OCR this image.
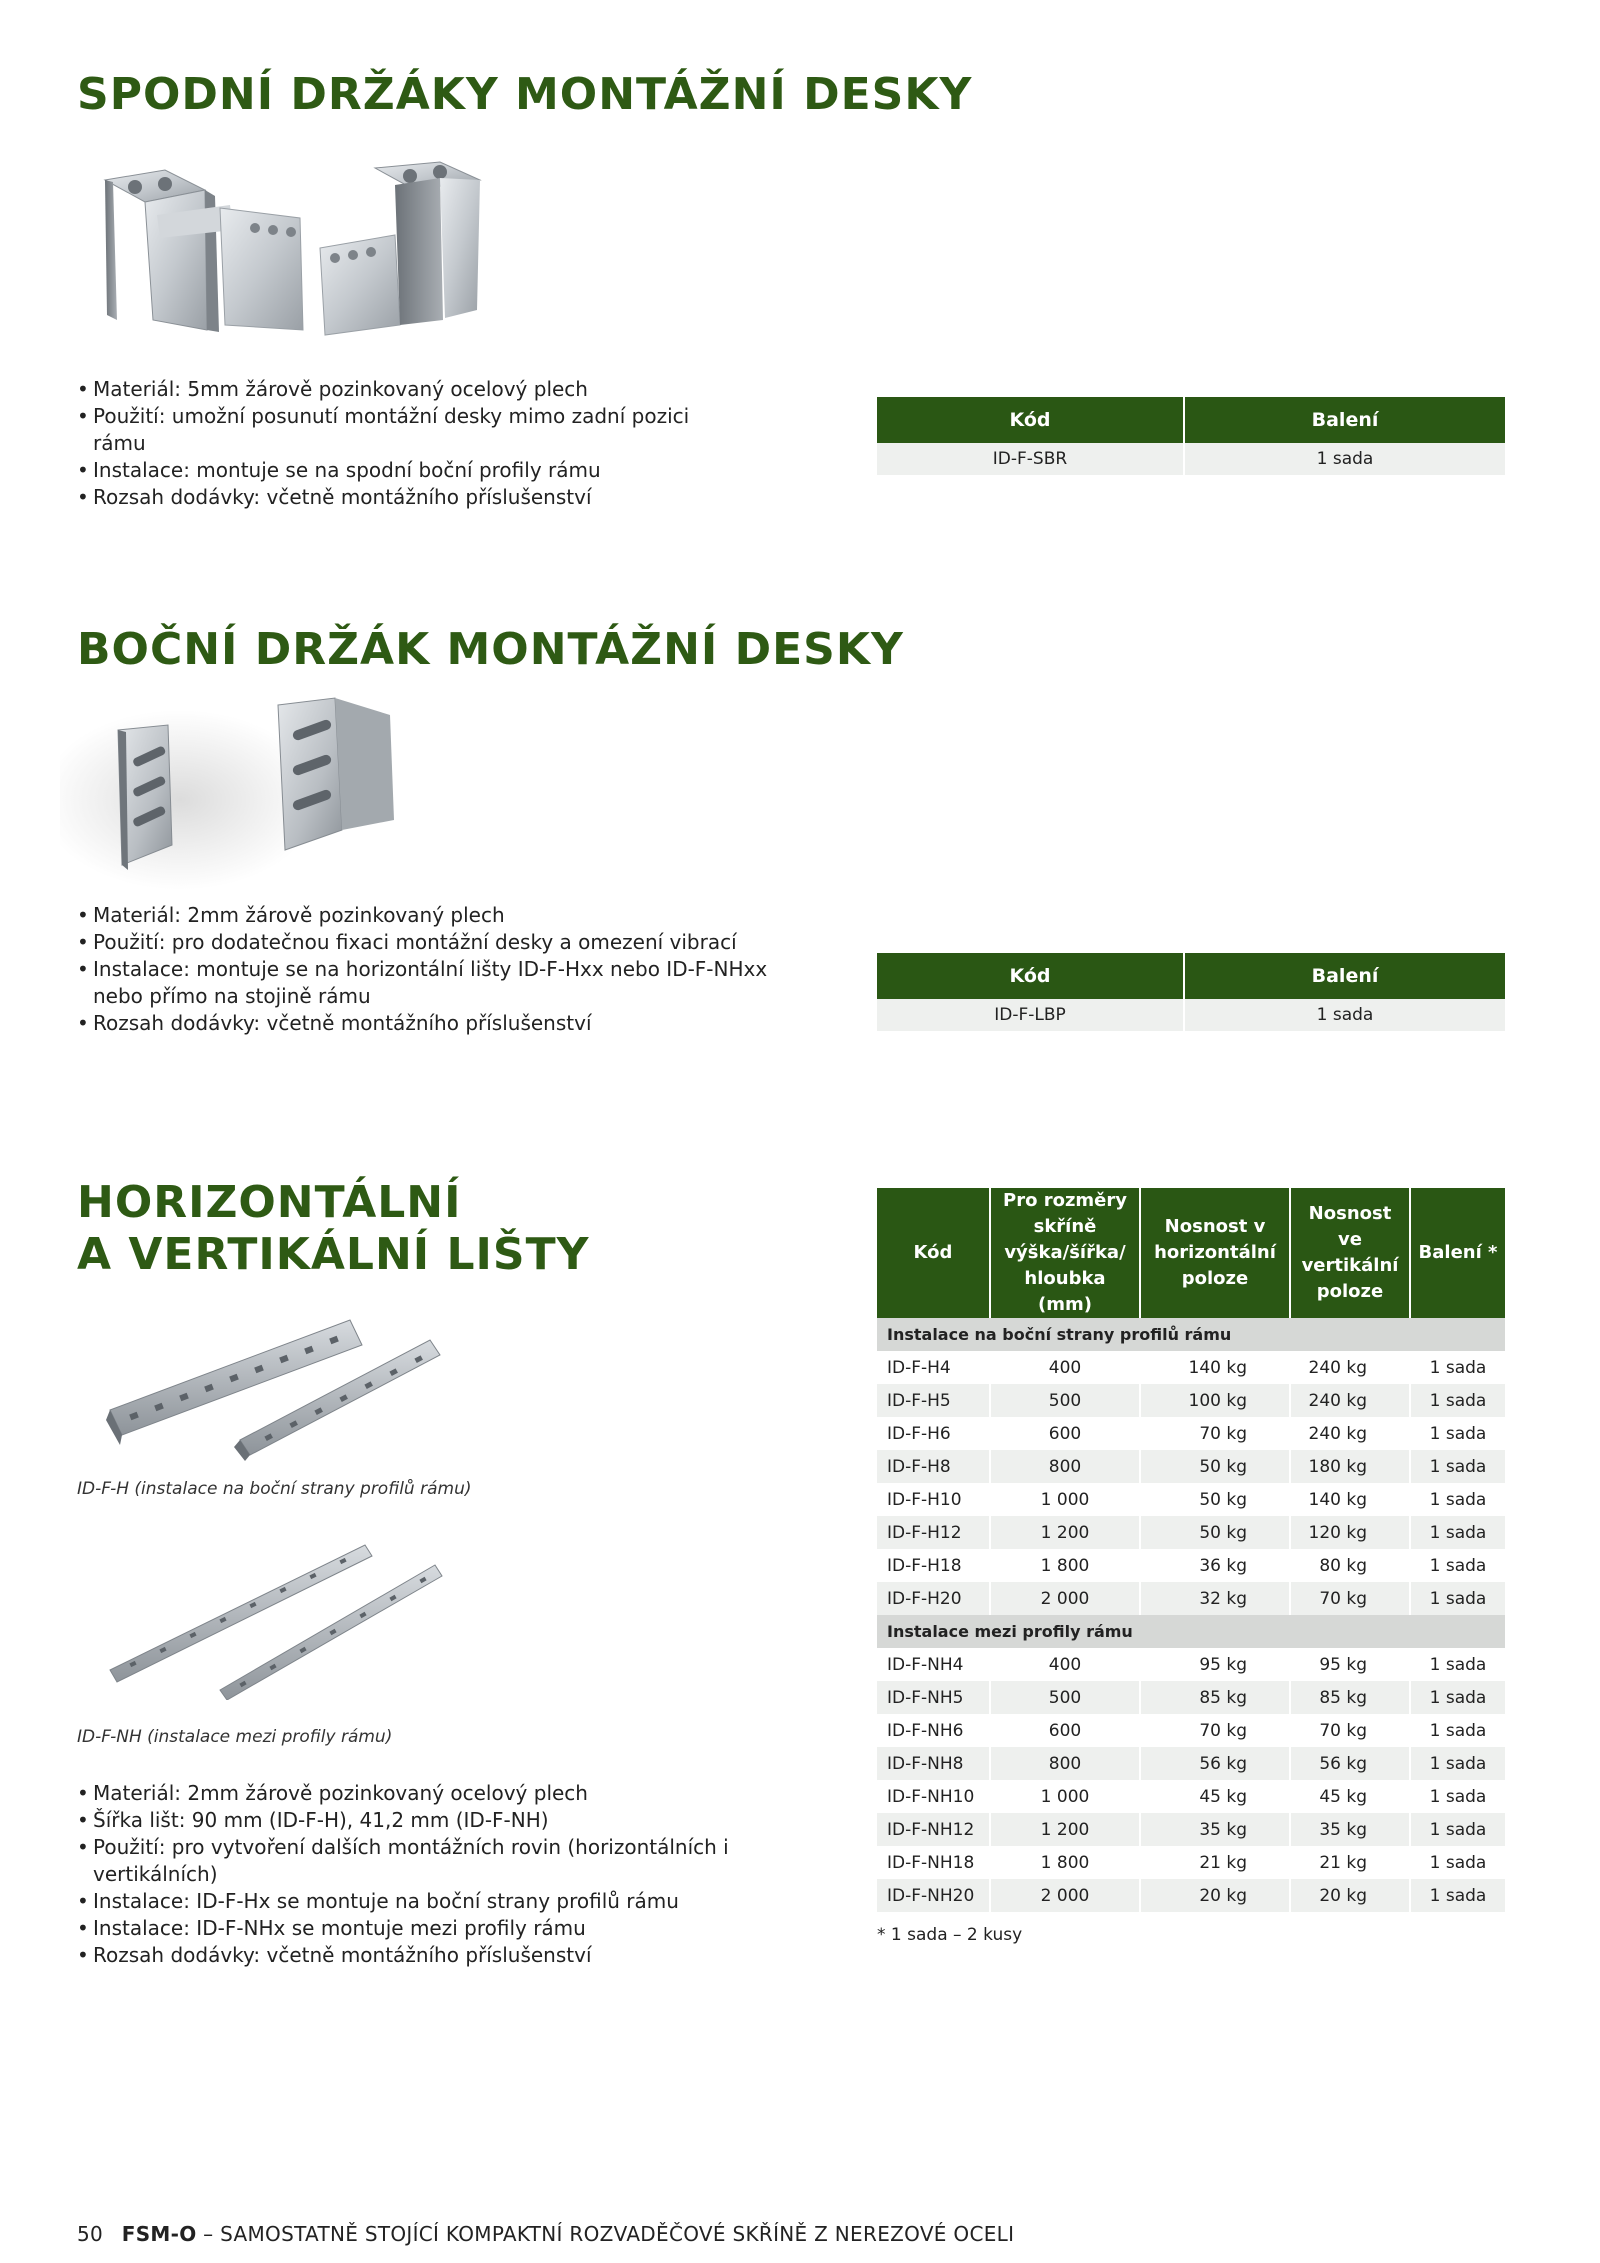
SPODNÍ DRŽÁKY MONTÁŽNÍ DESKY
• Materiál: 5mm žárově pozinkovaný ocelový plech
• Použití: umožní posunutí montážní desky mimo zadní pozici rámu
• Instalace: montuje se na spodní boční profily rámu
• Rozsah dodávky: včetně montážního příslušenství
Kód	Balení
ID-F-SBR	1 sada
BOČNÍ DRŽÁK MONTÁŽNÍ DESKY
• Materiál: 2mm žárově pozinkovaný plech
• Použití: pro dodatečnou fixaci montážní desky a omezení vibrací
• Instalace: montuje se na horizontální lišty ID-F-Hxx nebo ID-F-NHxx nebo přímo na stojině rámu
• Rozsah dodávky: včetně montážního příslušenství
Kód	Balení
ID-F-LBP	1 sada
HORIZONTÁLNÍ
A VERTIKÁLNÍ LIŠTY
ID-F-H (instalace na boční strany profilů rámu)
ID-F-NH (instalace mezi profily rámu)
• Materiál: 2mm žárově pozinkovaný ocelový plech
• Šířka lišt: 90 mm (ID-F-H), 41,2 mm (ID-F-NH)
• Použití: pro vytvoření dalších montážních rovin (horizontálních i vertikálních)
• Instalace: ID-F-Hx se montuje na boční strany profilů rámu
• Instalace: ID-F-NHx se montuje mezi profily rámu
• Rozsah dodávky: včetně montážního příslušenství
Kód	Pro rozměry skříně výška/šířka/ hloubka (mm)	Nosnost v horizontální poloze	Nosnost ve vertikální poloze	Balení *
Instalace na boční strany profilů rámu				
ID-F-H4	400	140 kg	240 kg	1 sada
ID-F-H5	500	100 kg	240 kg	1 sada
ID-F-H6	600	70 kg	240 kg	1 sada
ID-F-H8	800	50 kg	180 kg	1 sada
ID-F-H10	1 000	50 kg	140 kg	1 sada
ID-F-H12	1 200	50 kg	120 kg	1 sada
ID-F-H18	1 800	36 kg	80 kg	1 sada
ID-F-H20	2 000	32 kg	70 kg	1 sada
Instalace mezi profily rámu				
ID-F-NH4	400	95 kg	95 kg	1 sada
ID-F-NH5	500	85 kg	85 kg	1 sada
ID-F-NH6	600	70 kg	70 kg	1 sada
ID-F-NH8	800	56 kg	56 kg	1 sada
ID-F-NH10	1 000	45 kg	45 kg	1 sada
ID-F-NH12	1 200	35 kg	35 kg	1 sada
ID-F-NH18	1 800	21 kg	21 kg	1 sada
ID-F-NH20	2 000	20 kg	20 kg	1 sada
* 1 sada – 2 kusy
50 FSM-O – SAMOSTATNĚ STOJÍCÍ KOMPAKTNÍ ROZVADĚČOVÉ SKŘÍNĚ Z NEREZOVÉ OCELI
